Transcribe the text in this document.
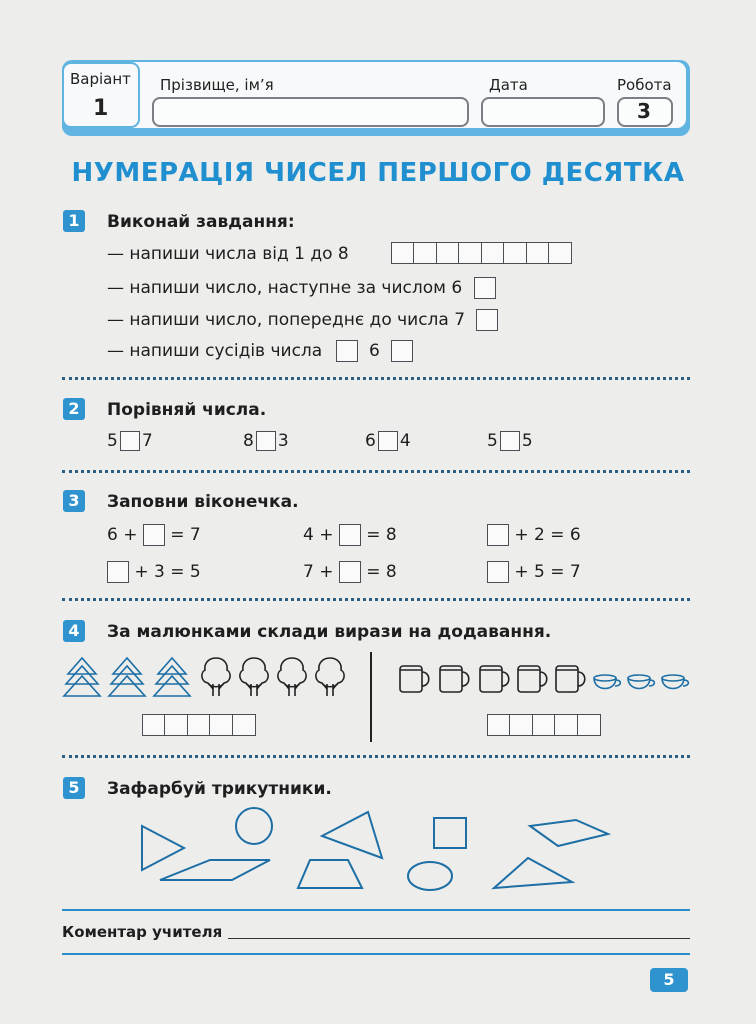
Варіант
1
Прізвище, ім’я	Дата	Робота
3
НУМЕРАЦІЯ ЧИСЕЛ ПЕРШОГО ДЕСЯТКА
1	Виконай завдання:
— напиши числа від 1 до 8
— напиши число, наступне за числом 6
— напиши число, попереднє до числа 7
— напиши сусідів числа	6
2	Порівняй числа.
5 7	8 3	6 4	5 5
3	Заповни віконечка.
6 + = 7	4 + = 8	+ 2 = 6
+ 3 = 5	7 + = 8	+ 5 = 7
4	За малюнками склади вирази на додавання.
5	Зафарбуй трикутники.
Коментар учителя
5
